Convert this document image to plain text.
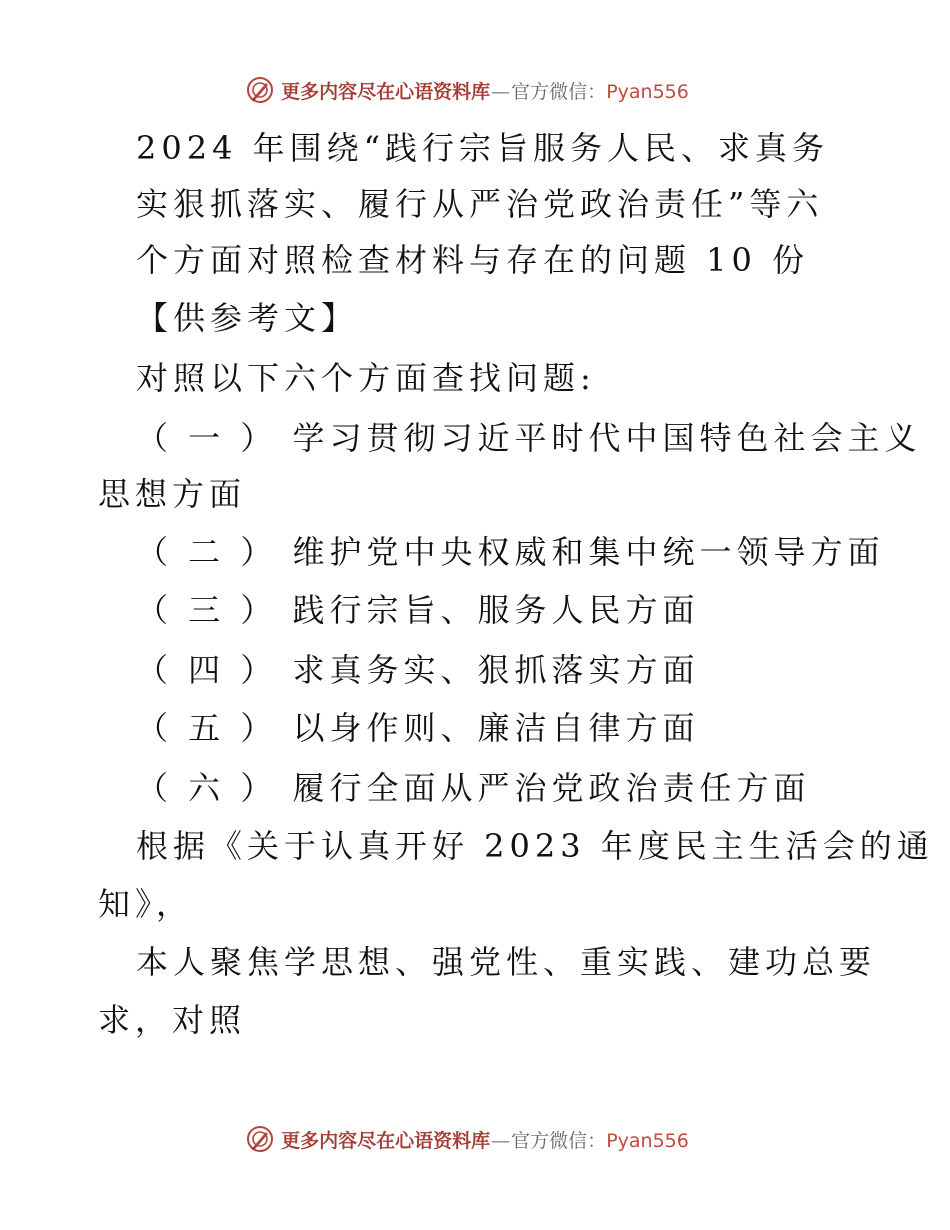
更多内容尽在心语资料库—官方微信：Pyan556
2024 年围绕“践行宗旨服务人民、求真务
实狠抓落实、履行从严治党政治责任”等六
个方面对照检查材料与存在的问题 10 份
【供参考文】
对照以下六个方面查找问题:
（ 一 ） 学习贯彻习近平时代中国特色社会主义
思想方面
（ 二 ） 维护党中央权威和集中统一领导方面
（ 三 ） 践行宗旨、服务人民方面
（ 四 ） 求真务实、狠抓落实方面
（ 五 ） 以身作则、廉洁自律方面
（ 六 ） 履行全面从严治党政治责任方面
根据《关于认真开好 2023 年度民主生活会的通
知》，
本人聚焦学思想、强党性、重实践、建功总要
求，对照
更多内容尽在心语资料库—官方微信：Pyan556
